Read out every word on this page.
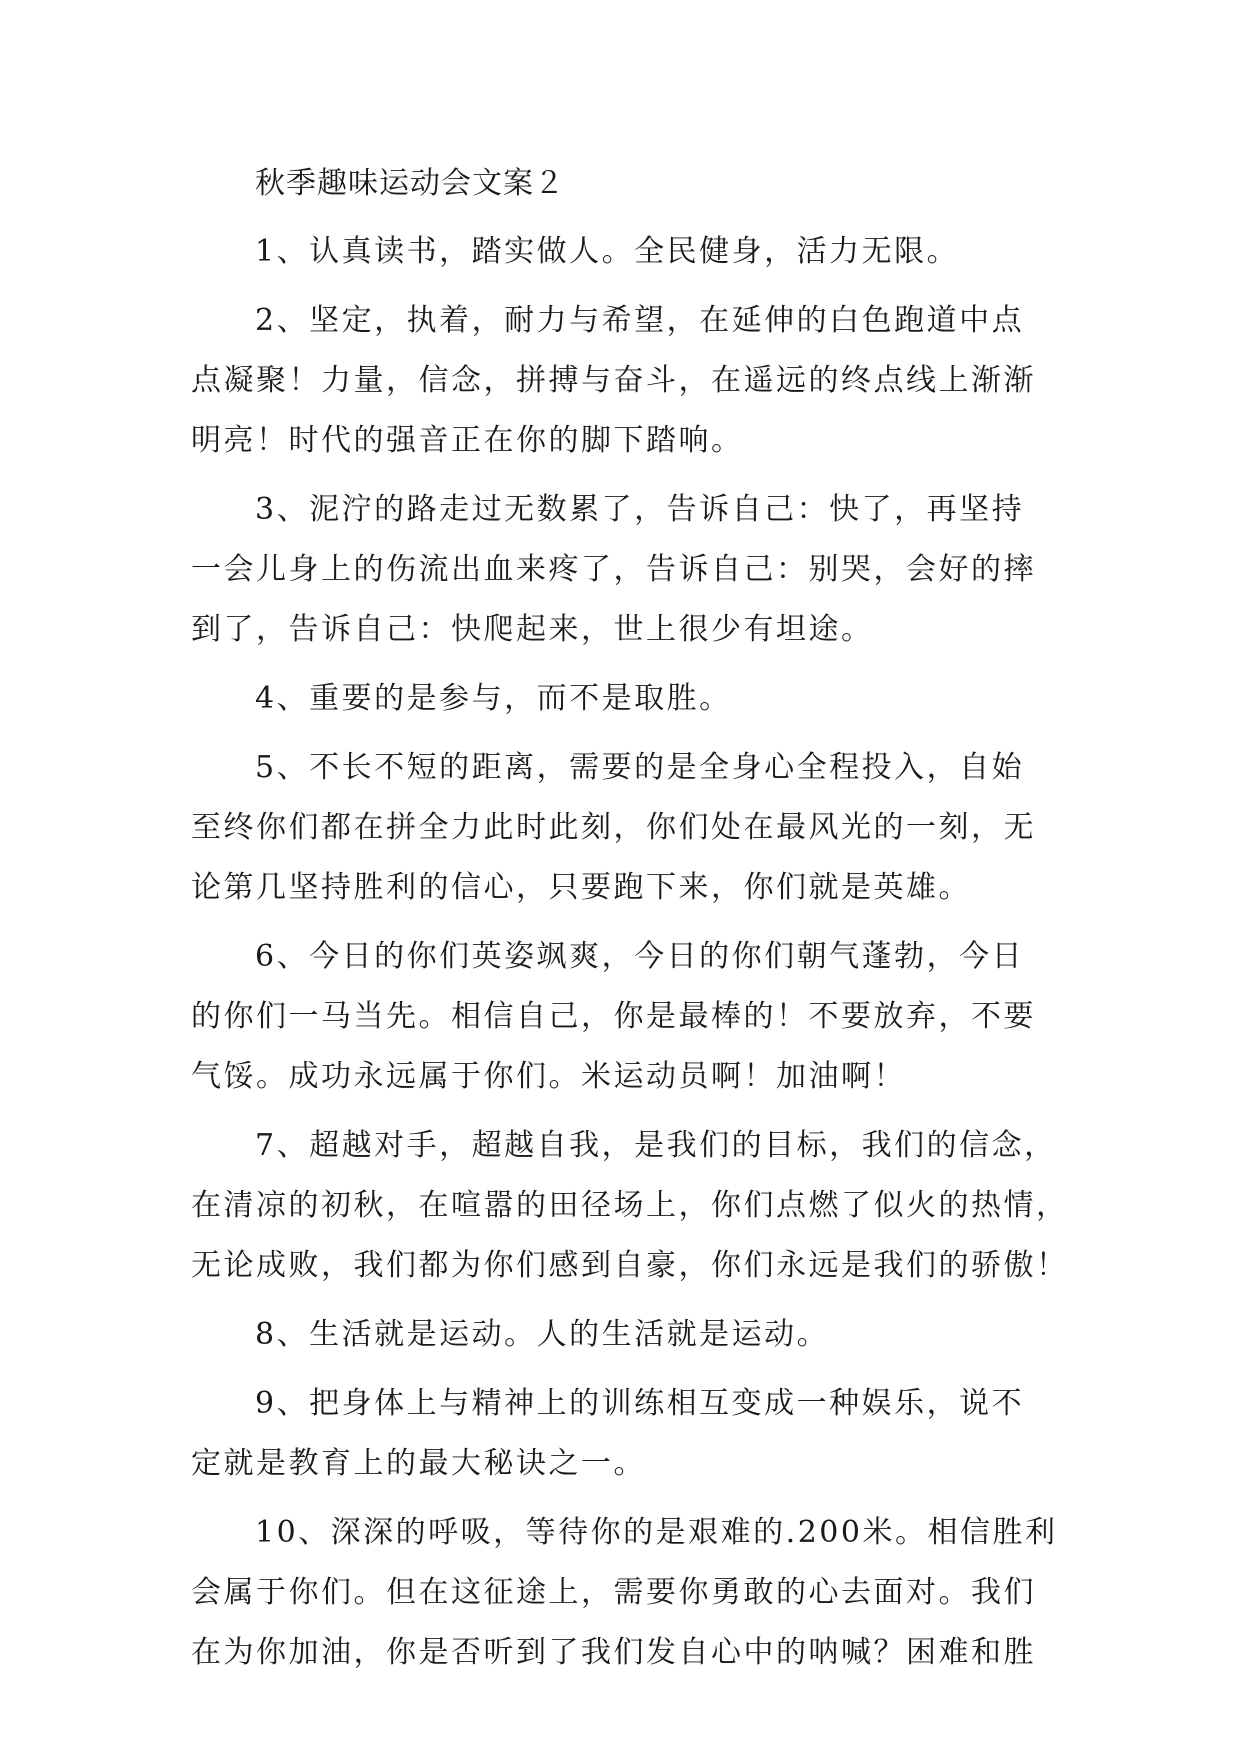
秋季趣味运动会文案２

1、认真读书，踏实做人。全民健身，活力无限。

2、坚定，执着，耐力与希望，在延伸的白色跑道中点
点凝聚！力量，信念，拼搏与奋斗，在遥远的终点线上渐渐
明亮！时代的强音正在你的脚下踏响。

3、泥泞的路走过无数累了，告诉自己：快了，再坚持
一会儿身上的伤流出血来疼了，告诉自己：别哭，会好的摔
到了，告诉自己：快爬起来，世上很少有坦途。

4、重要的是参与，而不是取胜。

5、不长不短的距离，需要的是全身心全程投入，自始
至终你们都在拼全力此时此刻，你们处在最风光的一刻，无
论第几坚持胜利的信心，只要跑下来，你们就是英雄。

6、今日的你们英姿飒爽，今日的你们朝气蓬勃，今日
的你们一马当先。相信自己，你是最棒的！不要放弃，不要
气馁。成功永远属于你们。米运动员啊！加油啊！

7、超越对手，超越自我，是我们的目标，我们的信念，
在清凉的初秋，在喧嚣的田径场上，你们点燃了似火的热情，
无论成败，我们都为你们感到自豪，你们永远是我们的骄傲！

8、生活就是运动。人的生活就是运动。

9、把身体上与精神上的训练相互变成一种娱乐，说不
定就是教育上的最大秘诀之一。

10、深深的呼吸，等待你的是艰难的.200米。相信胜利
会属于你们。但在这征途上，需要你勇敢的心去面对。我们
在为你加油，你是否听到了我们发自心中的呐喊？困难和胜
